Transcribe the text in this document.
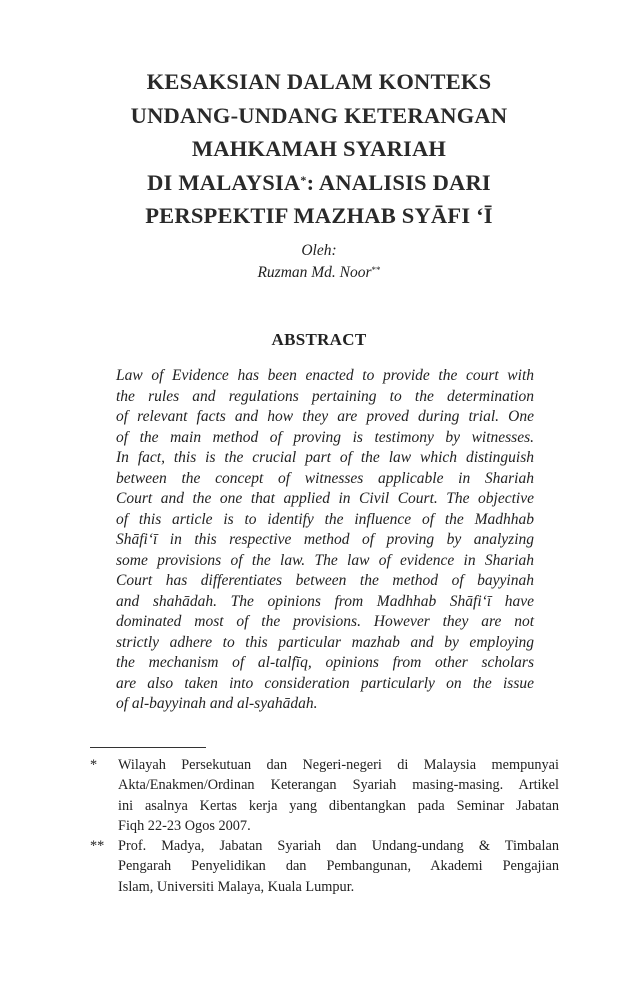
KESAKSIAN DALAM KONTEKS
UNDANG-UNDANG KETERANGAN
MAHKAMAH SYARIAH
DI MALAYSIA*: ANALISIS DARI
PERSPEKTIF MAZHAB SYĀFI ‘Ī
Oleh:
Ruzman Md. Noor**
ABSTRACT
Law of Evidence has been enacted to provide the court with
the rules and regulations pertaining to the determination
of relevant facts and how they are proved during trial. One
of the main method of proving is testimony by witnesses.
In fact, this is the crucial part of the law which distinguish
between the concept of witnesses applicable in Shariah
Court and the one that applied in Civil Court. The objective
of this article is to identify the influence of the Madhhab
Shāfi‘ī in this respective method of proving by analyzing
some provisions of the law. The law of evidence in Shariah
Court has differentiates between the method of bayyinah
and shahādah. The opinions from Madhhab Shāfi‘ī have
dominated most of the provisions. However they are not
strictly adhere to this particular mazhab and by employing
the mechanism of al-talfīq, opinions from other scholars
are also taken into consideration particularly on the issue
of al-bayyinah and al-syahādah.
* Wilayah Persekutuan dan Negeri-negeri di Malaysia mempunyai
Akta/Enakmen/Ordinan Keterangan Syariah masing-masing. Artikel
ini asalnya Kertas kerja yang dibentangkan pada Seminar Jabatan
Fiqh 22-23 Ogos 2007.
** Prof. Madya, Jabatan Syariah dan Undang-undang & Timbalan
Pengarah Penyelidikan dan Pembangunan, Akademi Pengajian
Islam, Universiti Malaya, Kuala Lumpur.
